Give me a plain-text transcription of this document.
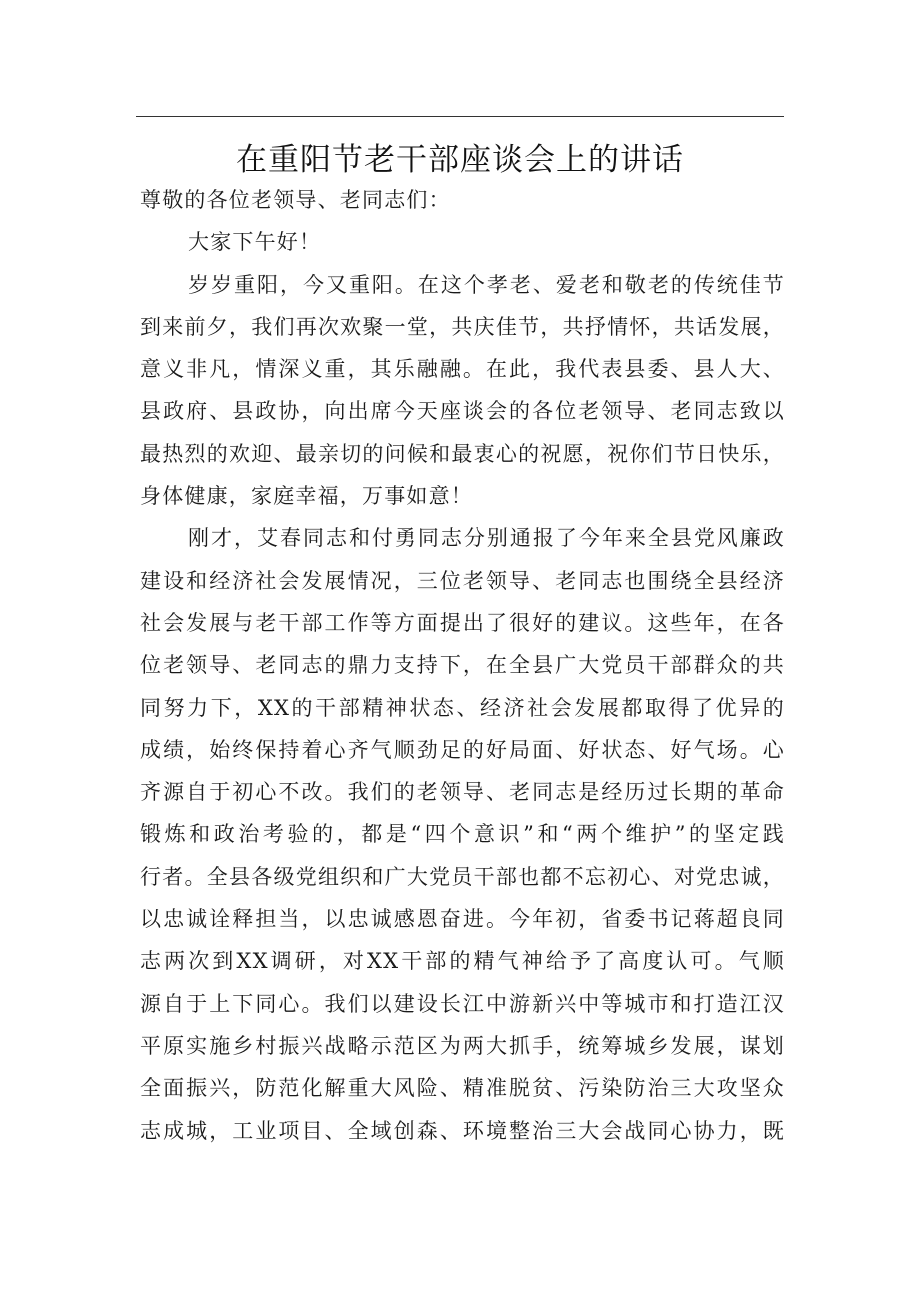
在重阳节老干部座谈会上的讲话
尊敬的各位老领导、老同志们：
大家下午好！
岁岁重阳，今又重阳。在这个孝老、爱老和敬老的传统佳节
到来前夕，我们再次欢聚一堂，共庆佳节，共抒情怀，共话发展，
意义非凡，情深义重，其乐融融。在此，我代表县委、县人大、
县政府、县政协，向出席今天座谈会的各位老领导、老同志致以
最热烈的欢迎、最亲切的问候和最衷心的祝愿，祝你们节日快乐，
身体健康，家庭幸福，万事如意！
刚才，艾春同志和付勇同志分别通报了今年来全县党风廉政
建设和经济社会发展情况，三位老领导、老同志也围绕全县经济
社会发展与老干部工作等方面提出了很好的建议。这些年，在各
位老领导、老同志的鼎力支持下，在全县广大党员干部群众的共
同努力下，XX的干部精神状态、经济社会发展都取得了优异的
成绩，始终保持着心齐气顺劲足的好局面、好状态、好气场。心
齐源自于初心不改。我们的老领导、老同志是经历过长期的革命
锻炼和政治考验的，都是“四个意识”和“两个维护”的坚定践
行者。全县各级党组织和广大党员干部也都不忘初心、对党忠诚，
以忠诚诠释担当，以忠诚感恩奋进。今年初，省委书记蒋超良同
志两次到XX调研，对XX干部的精气神给予了高度认可。气顺
源自于上下同心。我们以建设长江中游新兴中等城市和打造江汉
平原实施乡村振兴战略示范区为两大抓手，统筹城乡发展，谋划
全面振兴，防范化解重大风险、精准脱贫、污染防治三大攻坚众
志成城，工业项目、全域创森、环境整治三大会战同心协力，既
